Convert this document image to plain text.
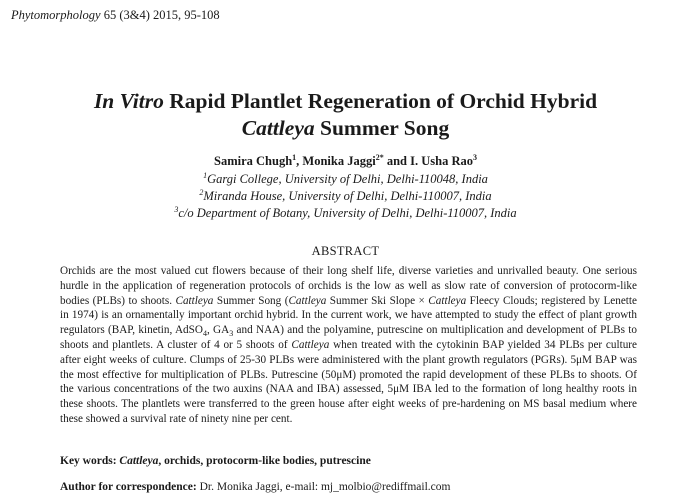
Phytomorphology 65 (3&4) 2015, 95-108
In Vitro Rapid Plantlet Regeneration of Orchid Hybrid
Cattleya Summer Song
Samira Chugh$^1$, Monika Jaggi$^{2*}$ and I. Usha Rao$^3$
$^1$Gargi College, University of Delhi, Delhi-110048, India
$^2$Miranda House, University of Delhi, Delhi-110007, India
$^3$c/o Department of Botany, University of Delhi, Delhi-110007, India
ABSTRACT

Orchids are the most valued cut flowers because of their long shelf life, diverse varieties and unrivalled beauty. One serious hurdle in the application of regeneration protocols of orchids is the low as well as slow rate of conversion of protocorm-like bodies (PLBs) to shoots. Cattleya Summer Song (Cattleya Summer Ski Slope × Cattleya Fleecy Clouds; registered by Lenette in 1974) is an ornamentally important orchid hybrid. In the current work, we have attempted to study the effect of plant growth regulators (BAP, kinetin, AdSO$_4$, $GA_3$ and NAA) and the polyamine, putrescine on multiplication and development of PLBs to shoots and plantlets. A cluster of 4 or 5 shoots of Cattleya when treated with the cytokinin BAP yielded 34 PLBs per culture after eight weeks of culture. Clumps of 25-30 PLBs were administered with the plant growth regulators (PGRs). 5μM BAP was the most effective for multiplication of PLBs. Putrescine (50μM) promoted the rapid development of these PLBs to shoots. Of the various concentrations of the two auxins (NAA and IBA) assessed, 5μM IBA led to the formation of long healthy roots in these shoots. The plantlets were transferred to the green house after eight weeks of pre-hardening on MS basal medium where these showed a survival rate of ninety nine per cent.

Key words: Cattleya, orchids, protocorm-like bodies, putrescine
Author for correspondence: Dr. Monika Jaggi, e-mail: mj_molbio@rediffmail.com
